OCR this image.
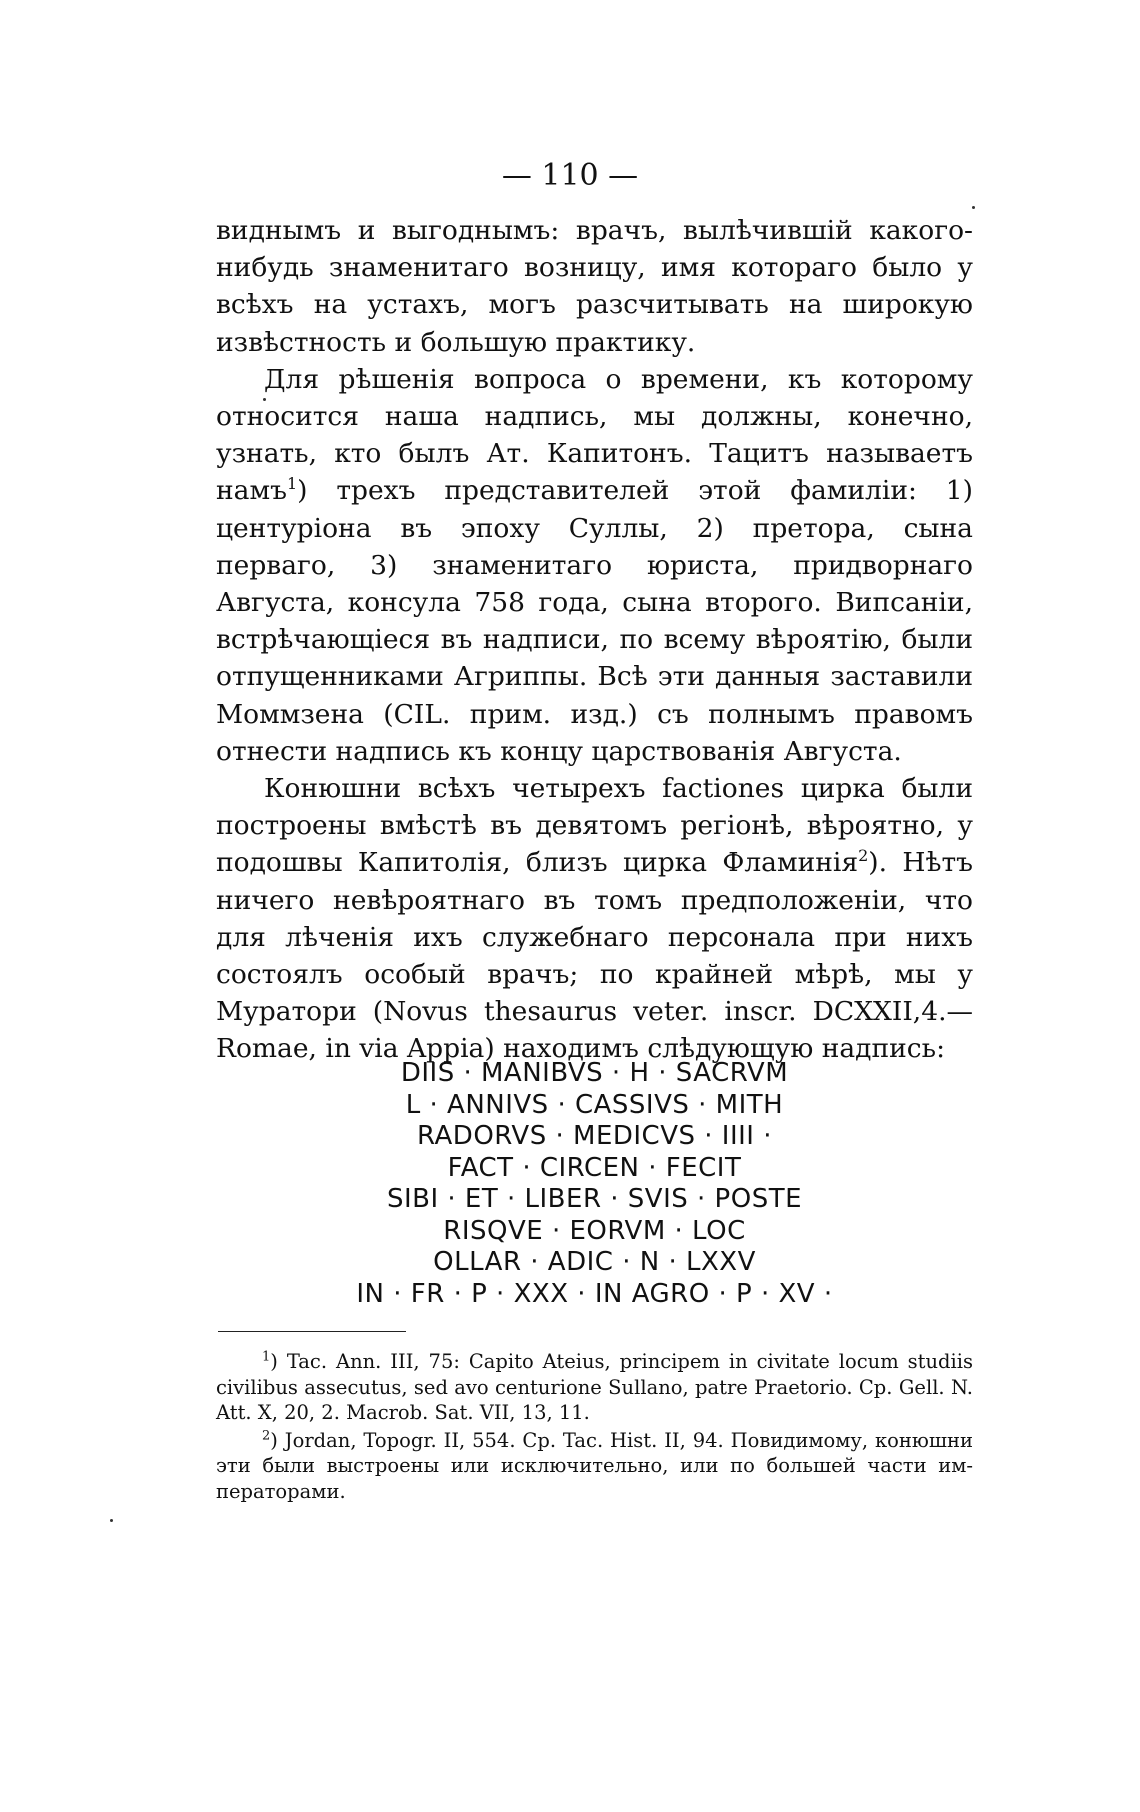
— 110 —

виднымъ и выгоднымъ: врачъ, вылѣчившій какого-нибудь знаменитаго возницу, имя котораго было у всѣхъ на устахъ, могъ разсчитывать на широкую извѣстность и большую практику.

Для рѣшенія вопроса о времени, къ которому относится наша надпись, мы должны, конечно, узнать, кто былъ Ат. Капитонъ. Тацитъ называетъ намъ$^1$) трехъ представителей этой фамиліи: 1) центуріона въ эпоху Суллы, 2) претора, сына перваго, 3) знаменитаго юриста, придворнаго Августа, консула 758 года, сына второго. Випсаніи, встрѣчающіеся въ надписи, по всему вѣроятію, были отпущенниками Агриппы. Всѣ эти данныя заставили Моммзена (CIL. прим. изд.) съ полнымъ правомъ отнести надпись къ концу царствованія Августа.

Конюшни всѣхъ четырехъ factiones цирка были построены вмѣстѣ въ девятомъ регіонѣ, вѣроятно, у подошвы Капитолія, близъ цирка Фламинія$^2$). Нѣтъ ничего невѣроятнаго въ томъ предположеніи, что для лѣченія ихъ служебнаго персонала при нихъ состоялъ особый врачъ; по крайней мѣрѣ, мы у Муратори (Novus thesaurus veter. inscr. DCXXII,4.—Romae, in via Appia) находимъ слѣдующую надпись:

DIIS · MANIBVS · H · SACRVM
L · ANNIVS · CASSIVS · MITH
RADORVS · MEDICVS · IIII ·
FACT · CIRCEN · FECIT
SIBI · ET · LIBER · SVIS · POSTE
RISQVE · EORVM · LOC
OLLAR · ADIC · N · LXXV
IN · FR · P · XXX · IN AGRO · P · XV ·

$^1$) Tac. Ann. III, 75: Capito Ateius, principem in civitate locum studiis civilibus assecutus, sed avo centurione Sullano, patre Praetorio. Cp. Gell. N. Att. X, 20, 2. Macrob. Sat. VII, 13, 11.

$^2$) Jordan, Topogr. II, 554. Cp. Tac. Hist. II, 94. Повидимому, конюшни эти были выстроены или исключительно, или по большей части императорами.
